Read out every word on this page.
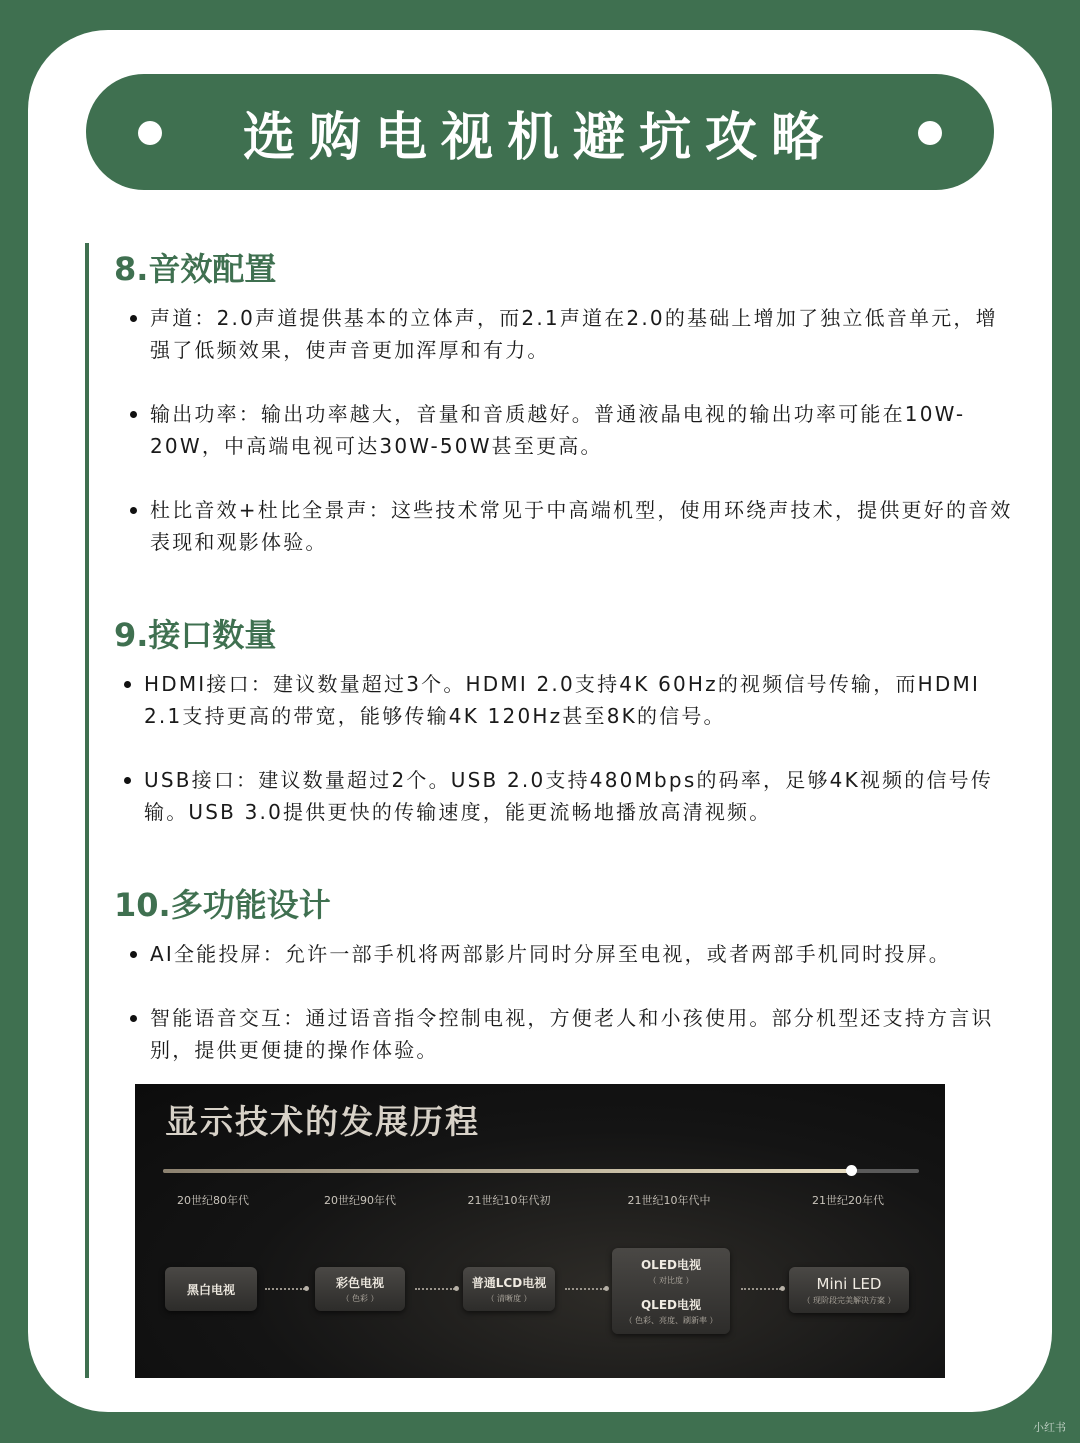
选购电视机避坑攻略
8.音效配置

声道：2.0声道提供基本的立体声，而2.1声道在2.0的基础上增加了独立低音单元，增强了低频效果，使声音更加浑厚和有力。

输出功率：输出功率越大，音量和音质越好。普通液晶电视的输出功率可能在10W-20W，中高端电视可达30W-50W甚至更高。

杜比音效+杜比全景声：这些技术常见于中高端机型，使用环绕声技术，提供更好的音效表现和观影体验。

9.接口数量

HDMI接口：建议数量超过3个。HDMI 2.0支持4K 60Hz的视频信号传输，而HDMI 2.1支持更高的带宽，能够传输4K 120Hz甚至8K的信号。

USB接口：建议数量超过2个。USB 2.0支持480Mbps的码率，足够4K视频的信号传输。USB 3.0提供更快的传输速度，能更流畅地播放高清视频。

10.多功能设计

AI全能投屏：允许一部手机将两部影片同时分屏至电视，或者两部手机同时投屏。

智能语音交互：通过语音指令控制电视，方便老人和小孩使用。部分机型还支持方言识别，提供更便捷的操作体验。

显示技术的发展历程
20世纪80年代	20世纪90年代	21世纪10年代初	21世纪10年代中	21世纪20年代
黑白电视	彩色电视
（ 色彩 ）
普通LCD电视
（ 清晰度 ）
OLED电视
（ 对比度 ）
QLED电视
（ 色彩、亮度、刷新率 ）
Mini LED
（ 现阶段完美解决方案 ）
小红书
